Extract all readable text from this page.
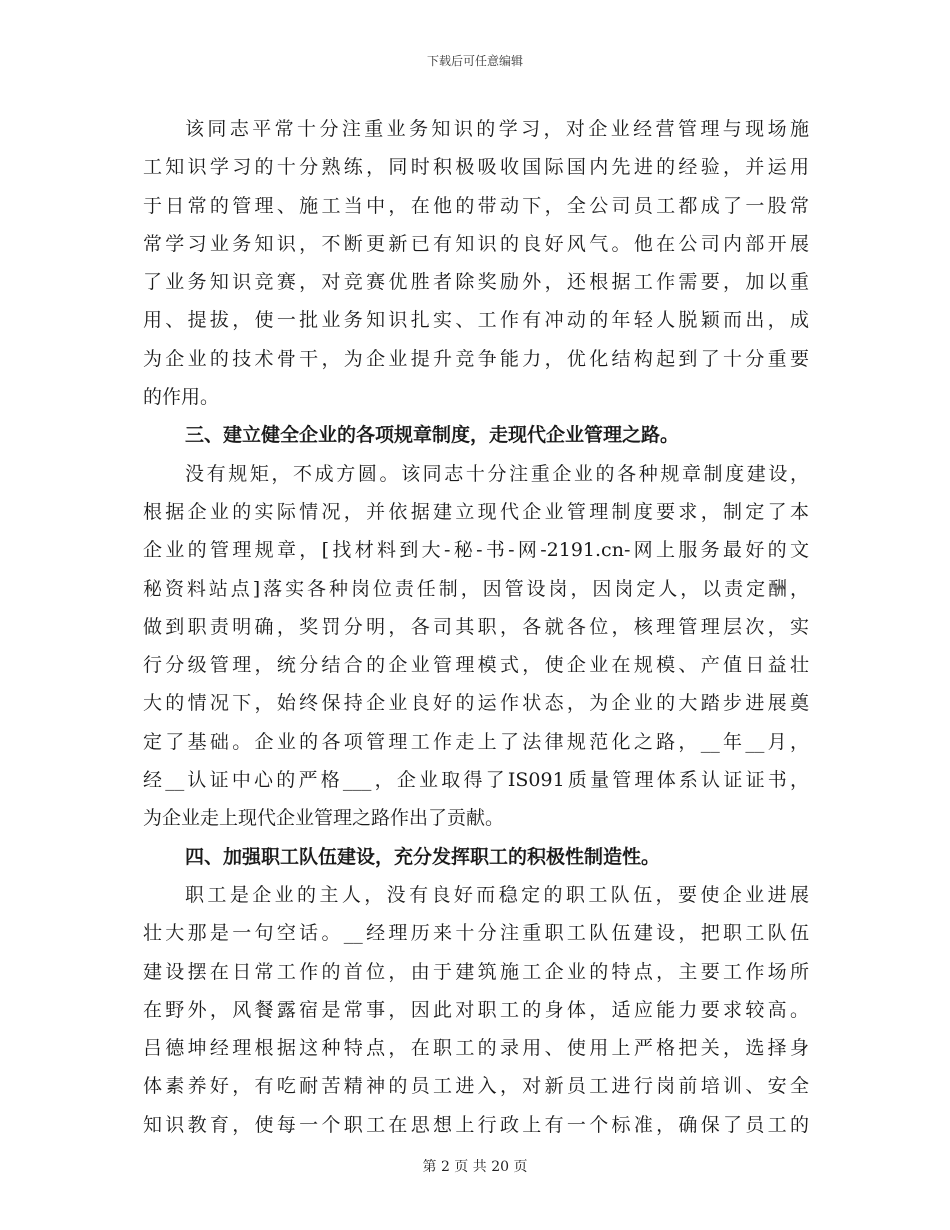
下载后可任意编辑
该同志平常十分注重业务知识的学习，对企业经营管理与现场施
工知识学习的十分熟练，同时积极吸收国际国内先进的经验，并运用
于日常的管理、施工当中，在他的带动下，全公司员工都成了一股常
常学习业务知识，不断更新已有知识的良好风气。他在公司内部开展
了业务知识竞赛，对竞赛优胜者除奖励外，还根据工作需要，加以重
用、提拔，使一批业务知识扎实、工作有冲动的年轻人脱颖而出，成
为企业的技术骨干，为企业提升竞争能力，优化结构起到了十分重要
的作用。
三、建立健全企业的各项规章制度，走现代企业管理之路。
没有规矩，不成方圆。该同志十分注重企业的各种规章制度建设，
根据企业的实际情况，并依据建立现代企业管理制度要求，制定了本
企业的管理规章，[找材料到大-秘-书-网-2191.cn-网上服务最好的文
秘资料站点]落实各种岗位责任制，因管设岗，因岗定人，以责定酬，
做到职责明确，奖罚分明，各司其职，各就各位，核理管理层次，实
行分级管理，统分结合的企业管理模式，使企业在规模、产值日益壮
大的情况下，始终保持企业良好的运作状态，为企业的大踏步进展奠
定了基础。企业的各项管理工作走上了法律规范化之路，__年__月，
经__认证中心的严格___，企业取得了IS091质量管理体系认证证书，
为企业走上现代企业管理之路作出了贡献。
四、加强职工队伍建设，充分发挥职工的积极性制造性。
职工是企业的主人，没有良好而稳定的职工队伍，要使企业进展
壮大那是一句空话。__经理历来十分注重职工队伍建设，把职工队伍
建设摆在日常工作的首位，由于建筑施工企业的特点，主要工作场所
在野外，风餐露宿是常事，因此对职工的身体，适应能力要求较高。
吕德坤经理根据这种特点，在职工的录用、使用上严格把关，选择身
体素养好，有吃耐苦精神的员工进入，对新员工进行岗前培训、安全
知识教育，使每一个职工在思想上行政上有一个标准，确保了员工的
第 2 页 共 20 页
